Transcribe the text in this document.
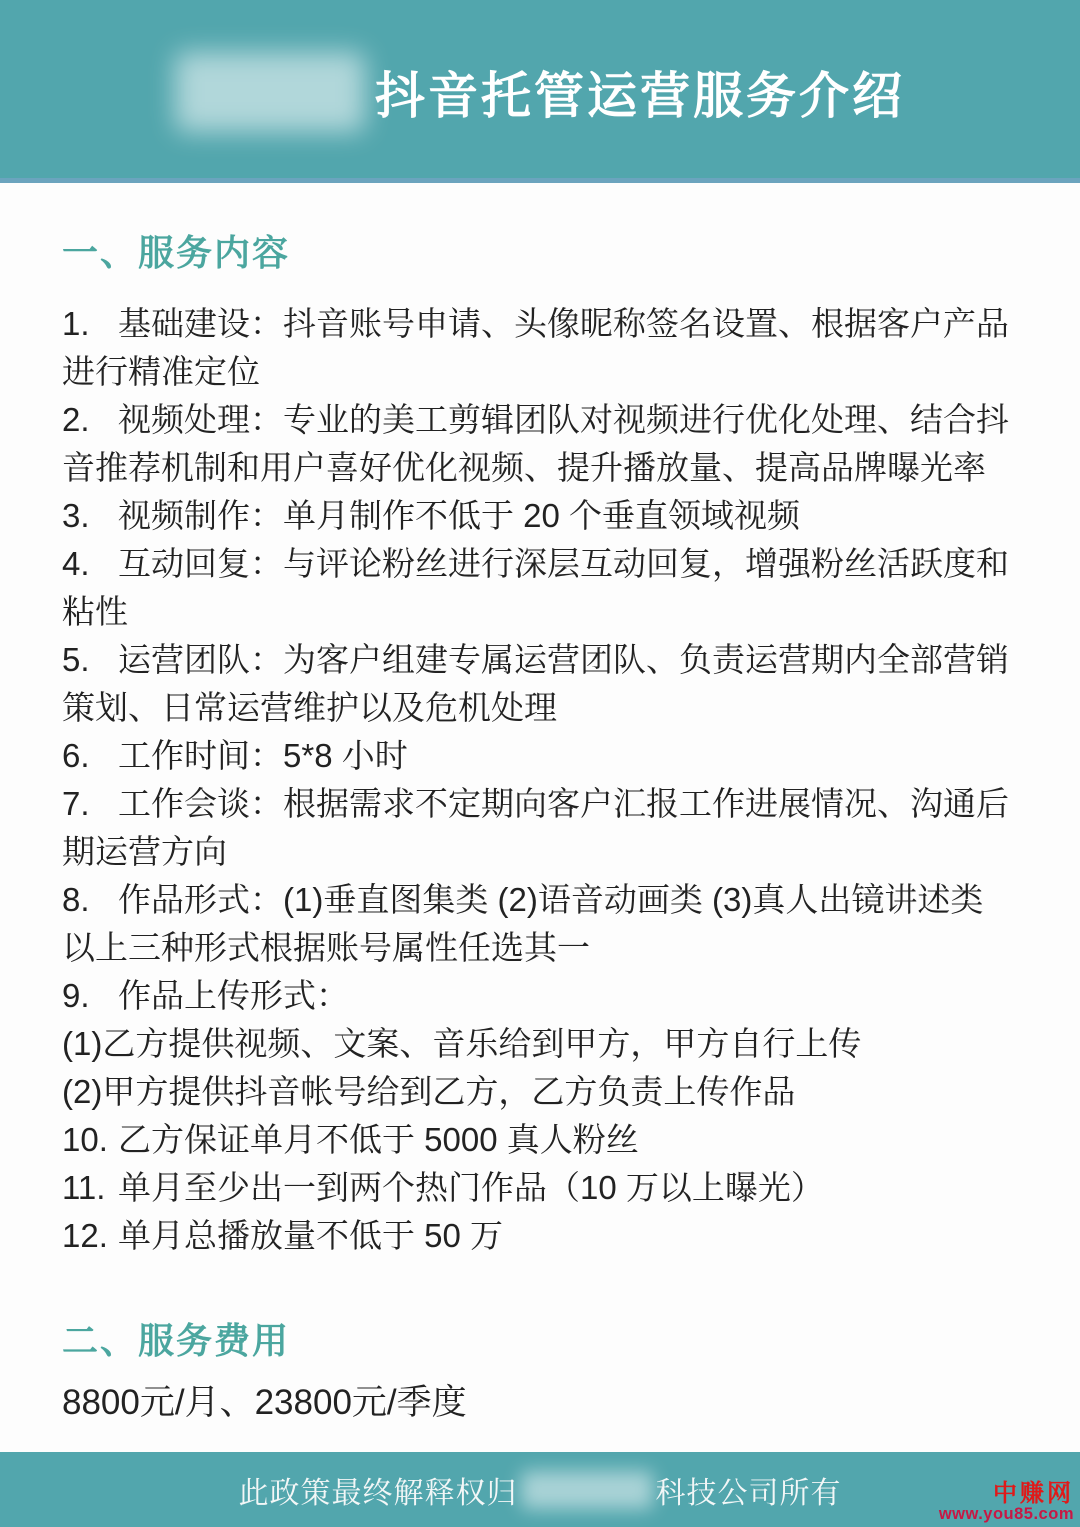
抖音托管运营服务介绍
一、服务内容

1. 基础建设：抖音账号申请、头像昵称签名设置、根据客户产品进行精准定位

2. 视频处理：专业的美工剪辑团队对视频进行优化处理、结合抖音推荐机制和用户喜好优化视频、提升播放量、提高品牌曝光率

3. 视频制作：单月制作不低于 20 个垂直领域视频

4. 互动回复：与评论粉丝进行深层互动回复，增强粉丝活跃度和粘性

5. 运营团队：为客户组建专属运营团队、负责运营期内全部营销策划、日常运营维护以及危机处理

6. 工作时间：5*8 小时

7. 工作会谈：根据需求不定期向客户汇报工作进展情况、沟通后期运营方向

8. 作品形式：(1)垂直图集类 (2)语音动画类 (3)真人出镜讲述类

以上三种形式根据账号属性任选其一

9. 作品上传形式：

(1)乙方提供视频、文案、音乐给到甲方，甲方自行上传

(2)甲方提供抖音帐号给到乙方，乙方负责上传作品

10. 乙方保证单月不低于 5000 真人粉丝

11. 单月至少出一到两个热门作品（10 万以上曝光）

12. 单月总播放量不低于 50 万

二、服务费用
8800元/月、23800元/季度
此政策最终解释权归	科技公司所有	中赚网
www.you85.com
